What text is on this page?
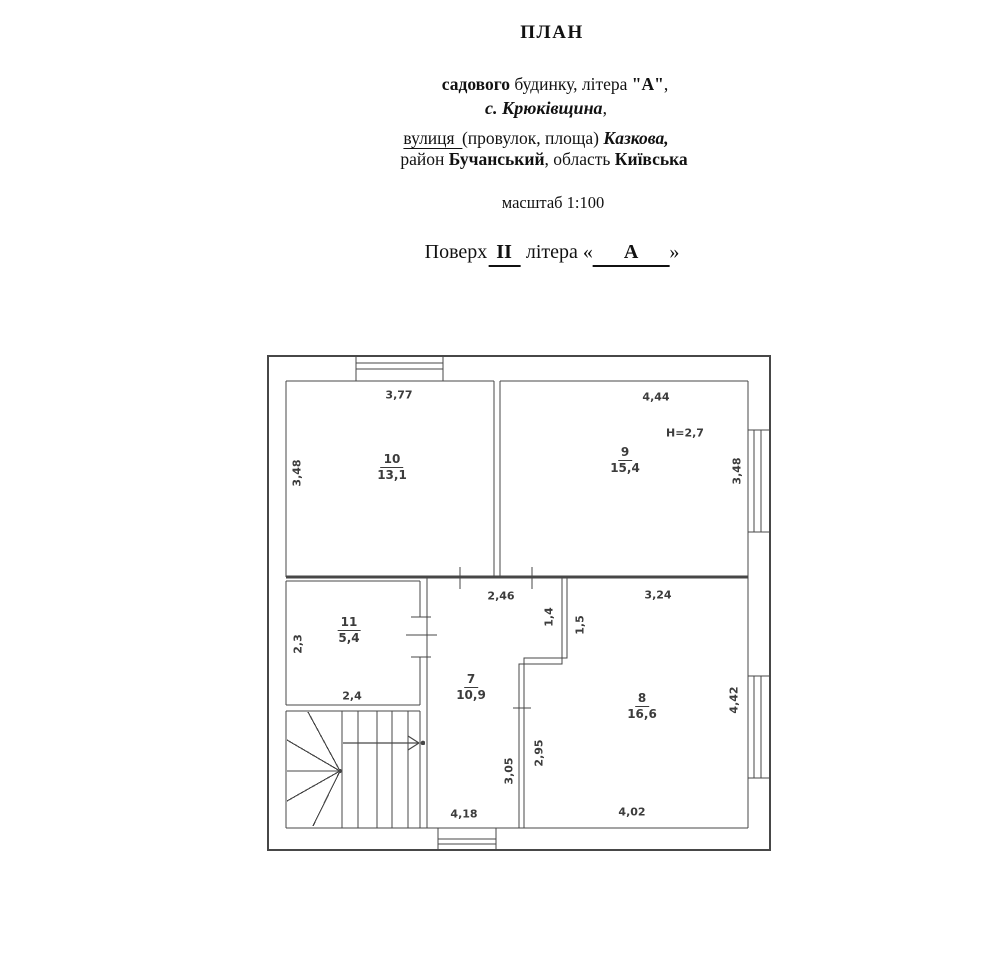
ПЛАН
садового будинку, літера "А",
с. Крюківщина,
вулиця (провулок, площа) Казкова,
район Бучанський, область Київська
масштаб 1:100
Поверх II літера « А »
3,77	4,44
H=2,7
3,48	3,48
2,46	3,24
2,3
2,4
1,4 1,5
3,05
2,95
4,42
4,18	4,02
10
13,1
9
15,4
11
5,4
7
10,9	8
16,6
